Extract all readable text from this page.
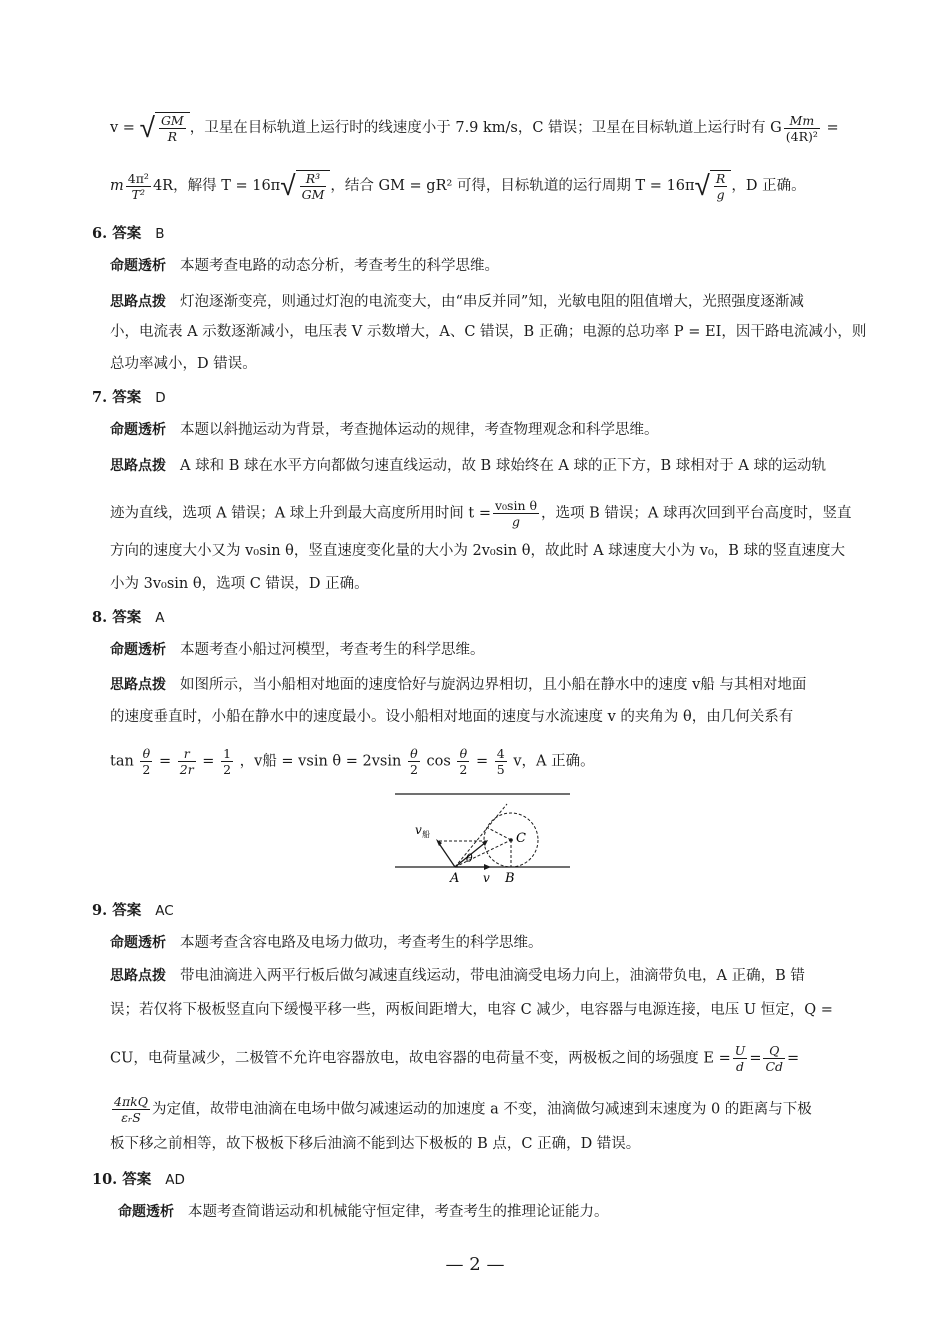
v = √ $\frac{GM}{R}$ ，卫星在目标轨道上运行时的线速度小于 7.9 km/s，C 错误；卫星在目标轨道上运行时有 G $\frac{Mm}{\text{(4R)²}}$ =
m $\frac{\text{4π²}}{\text{T²}} 4R$，解得 $T = 16\pi√ \frac{\text{R³}}{GM}$ ，结合 GM = gR² 可得，目标轨道的运行周期 $T = 16\pi√ \frac{R}{g}$ ，D 正确。
6. 答案 B
命题透析 本题考查电路的动态分析，考查考生的科学思维。
思路点拨 灯泡逐渐变亮，则通过灯泡的电流变大，由“串反并同”知，光敏电阻的阻值增大，光照强度逐渐减
小，电流表 A 示数逐渐减小，电压表 V 示数增大，A、C 错误，B 正确；电源的总功率 P = EI，因干路电流减小，则
总功率减小，D 错误。
7. 答案 D
命题透析 本题以斜抛运动为背景，考查抛体运动的规律，考查物理观念和科学思维。
思路点拨 A 球和 B 球在水平方向都做匀速直线运动，故 B 球始终在 A 球的正下方，B 球相对于 A 球的运动轨
迹为直线，选项 A 错误；A 球上升到最大高度所用时间 $t = \frac{\text{v₀sin θ}}{g}$ ，选项 B 错误；A 球再次回到平台高度时，竖直
方向的速度大小又为 v₀sin θ，竖直速度变化量的大小为 2v₀sin θ，故此时 A 球速度大小为 v₀，B 球的竖直速度大
小为 3v₀sin θ，选项 C 错误，D 正确。
8. 答案 A
命题透析 本题考查小船过河模型，考查考生的科学思维。
思路点拨 如图所示，当小船相对地面的速度恰好与旋涡边界相切，且小船在静水中的速度 v船 与其相对地面
的速度垂直时，小船在静水中的速度最小。设小船相对地面的速度与水流速度 v 的夹角为 θ，由几何关系有
$\tan \frac{\theta}{2} = \frac{r}{2r} = \frac{1}{2}$ ，v船 = vsin $\theta = 2vsin \frac{\theta}{2}$ $\cos \frac{\theta}{2} = \frac{4}{5}$ v，A 正确。
v 船	C
θ
A v B
9. 答案 AC
命题透析 本题考查含容电路及电场力做功，考查考生的科学思维。
思路点拨 带电油滴进入两平行板后做匀减速直线运动，带电油滴受电场力向上，油滴带负电，A 正确，B 错
误；若仅将下极板竖直向下缓慢平移一些，两板间距增大，电容 C 减少，电容器与电源连接，电压 U 恒定，Q =
CU，电荷量减少，二极管不允许电容器放电，故电容器的电荷量不变，两极板之间的场强度 $E = \frac{U}{d} = \frac{Q}{Cd}$ =
$\frac{\text{4πkQ}}{\text{εᵣS}}$ 为定值，故带电油滴在电场中做匀减速运动的加速度 a 不变，油滴做匀减速到末速度为 0 的距离与下极
板下移之前相等，故下极板下移后油滴不能到达下极板的 B 点，C 正确，D 错误。
10. 答案 AD
命题透析 本题考查简谐运动和机械能守恒定律，考查考生的推理论证能力。
— 2 —
